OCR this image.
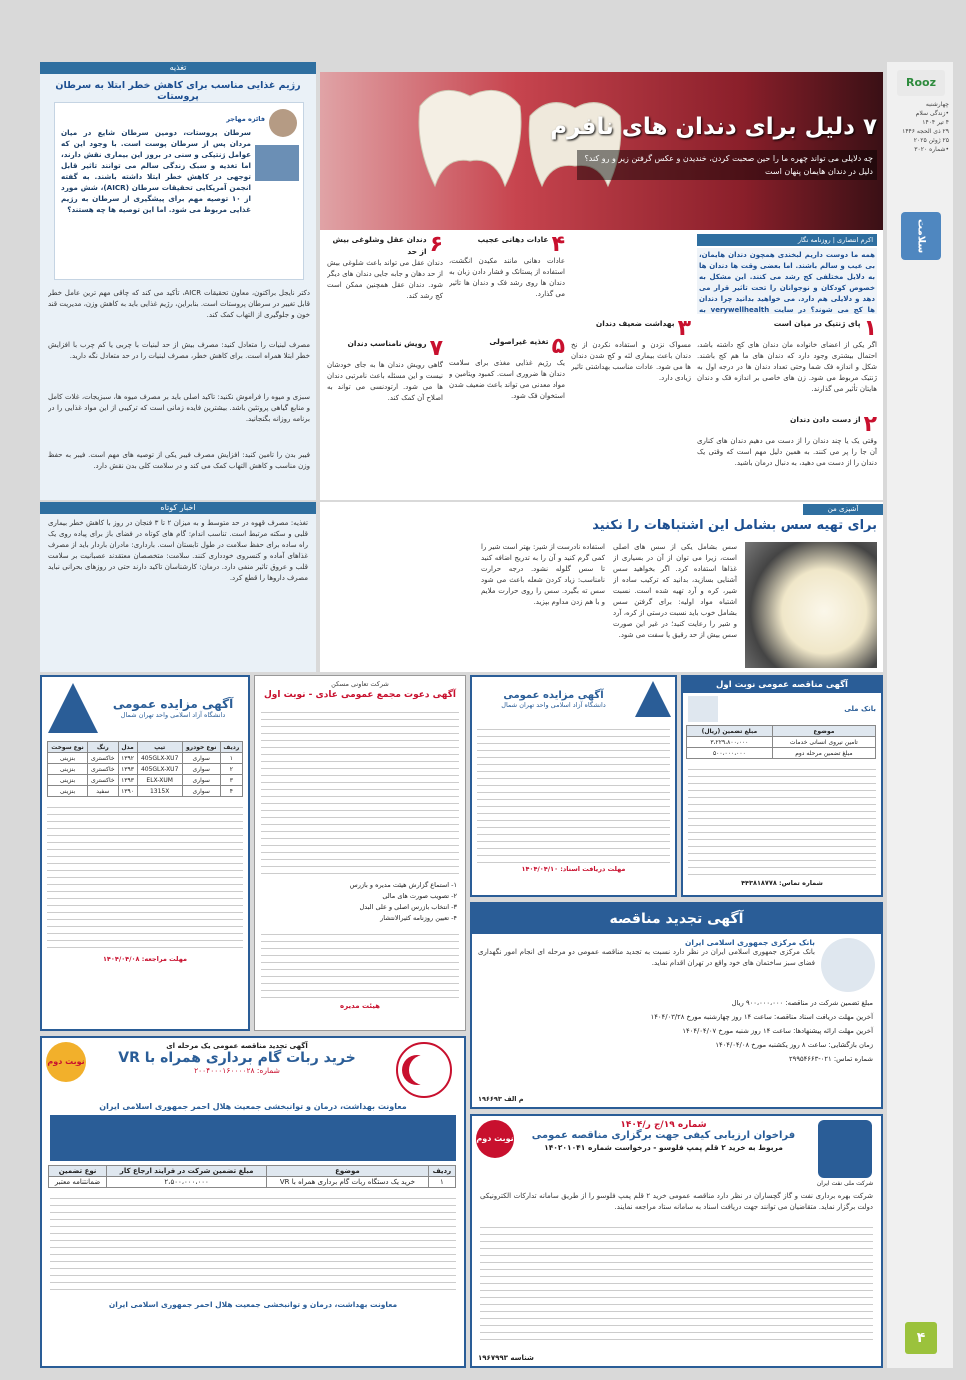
Rooz
چهارشنبه
•زندگی سلام
۴ تیر ۱۴۰۴
۲۹ ذی الحجه ۱۴۴۶
۲۵ ژوئن ۲۰۲۵
•شماره ۳۰۲۰
سلامت
۴
۷ دلیل برای دندان های نافرم
چه دلایلی می تواند چهره ما را حین صحبت کردن، خندیدن و عکس گرفتن زیر و رو کند؟ دلیل در دندان هایمان پنهان است
اکرم انتصاری | روزنامه نگار
همه ما دوست داریم لبخندی همچون دندان هایمان، بی عیب و سالم باشند. اما بعضی وقت ها دندان ها به دلایل مختلفی کج رشد می کنند. این مشکل به خصوص کودکان و نوجوانان را تحت تاثیر قرار می دهد و دلایلی هم دارد. می خواهید بدانید چرا دندان ها کج می شوند؟ در سایت verywellhealth به
۱
پای ژنتیک در میان است
اگر یکی از اعضای خانواده مان دندان های کج داشته باشد، احتمال بیشتری وجود دارد که دندان های ما هم کج باشند. شکل و اندازه فک شما وحتی تعداد دندان ها در درجه اول به ژنتیک مربوط می شود. زن های خاصی بر اندازه فک و دندان هایتان تأثیر می گذارند.
۲
از دست دادن دندان
وقتی یک یا چند دندان را از دست می دهیم دندان های کناری آن جا را پر می کنند. به همین دلیل مهم است که وقتی یک دندان را از دست می دهید، به دنبال درمان باشید.
۳
بهداشت ضعیف دندان
مسواک نزدن و استفاده نکردن از نخ دندان باعث بیماری لثه و کج شدن دندان ها می شود. عادات مناسب بهداشتی تاثیر زیادی دارد.
۴
عادات دهانی عجیب
عادات دهانی مانند مکیدن انگشت، استفاده از پستانک و فشار دادن زبان به دندان ها روی رشد فک و دندان ها تاثیر می گذارد.
۵
تغذیه غیراصولی
یک رژیم غذایی مغذی برای سلامت دندان ها ضروری است. کمبود ویتامین و مواد معدنی می تواند باعث ضعیف شدن استخوان فک شود.
۶
دندان عقل وشلوغی بیش از حد
دندان عقل می تواند باعث شلوغی بیش از حد دهان و جابه جایی دندان های دیگر شود. دندان عقل همچنین ممکن است کج رشد کند.
۷
رویش نامناسب دندان
گاهی رویش دندان ها به جای خودشان نیست و این مسئله باعث نامرتبی دندان ها می شود. ارتودنسی می تواند به اصلاح آن کمک کند.
تغذیه
رژیم غذایی مناسب برای کاهش خطر ابتلا به سرطان پروستات
فائزه مهاجر
سرطان پروستات، دومین سرطان شایع در میان مردان پس از سرطان پوست است. با وجود این که عوامل ژنتیکی و سنی در بروز این بیماری نقش دارند، اما تغذیه و سبک زندگی سالم می توانند تاثیر قابل توجهی در کاهش خطر ابتلا داشته باشند. به گفته انجمن آمریکایی تحقیقات سرطان (AICR)، شش مورد از ۱۰ توصیه مهم برای پیشگیری از سرطان به رژیم غذایی مربوط می شود. اما این توصیه ها چه هستند؟
دکتر نایجل براکتون، معاون تحقیقات AICR، تأکید می کند که چاقی مهم ترین عامل خطر قابل تغییر در سرطان پروستات است. بنابراین، رژیم غذایی باید به کاهش وزن، مدیریت قند خون و جلوگیری از التهاب کمک کند.
مصرف لبنیات را متعادل کنید: مصرف بیش از حد لبنیات با چربی یا کم چرب با افزایش خطر ابتلا همراه است. برای کاهش خطر، مصرف لبنیات را در حد متعادل نگه دارید.
سبزی و میوه را فراموش نکنید: تاکید اصلی باید بر مصرف میوه ها، سبزیجات، غلات کامل و منابع گیاهی پروتئین باشد. بیشترین فایده زمانی است که ترکیبی از این مواد غذایی را در برنامه روزانه بگنجانید.
فیبر بدن را تامین کنید: افزایش مصرف فیبر یکی از توصیه های مهم است. فیبر به حفظ وزن مناسب و کاهش التهاب کمک می کند و در سلامت کلی بدن نقش دارد.
آشپزی من
برای تهیه سس بشامل این اشتباهات را نکنید
سس بشامل یکی از سس های اصلی است، زیرا می توان از آن در بسیاری از غذاها استفاده کرد. اگر بخواهید سس آشنایی بسازید، بدانید که ترکیب ساده از شیر، کره و آرد تهیه شده است. نسبت اشتباه مواد اولیه: برای گرفتن سس بشامل خوب باید نسبت درستی از کره، آرد و شیر را رعایت کنید؛ در غیر این صورت سس بیش از حد رقیق یا سفت می شود.
استفاده نادرست از شیر: بهتر است شیر را کمی گرم کنید و آن را به تدریج اضافه کنید تا سس گلوله نشود. درجه حرارت نامناسب: زیاد کردن شعله باعث می شود سس ته بگیرد. سس را روی حرارت ملایم و با هم زدن مداوم بپزید.
اخبار کوتاه
تغذیه: مصرف قهوه در حد متوسط و به میزان ۲ تا ۳ فنجان در روز با کاهش خطر بیماری قلبی و سکته مرتبط است. تناسب اندام: گام های کوتاه در فضای باز برای پیاده روی یک راه ساده برای حفظ سلامت در طول تابستان است. بارداری: مادران باردار باید از مصرف غذاهای آماده و کنسروی خودداری کنند. سلامت: متخصصان معتقدند عصبانیت بر سلامت قلب و عروق تاثیر منفی دارد. درمان: کارشناسان تاکید دارند حتی در روزهای بحرانی نباید مصرف داروها را قطع کرد.
آگهی مناقصه عمومی نوبت اول
بانک ملی
موضوع	مبلغ تضمین (ریال)
تامین نیروی انسانی خدمات	۳،۲۲۹،۸۰۰،۰۰۰
مبلغ تضمین مرحله دوم	۵۰۰،۰۰۰،۰۰۰
شماره تماس: ۴۴۳۸۱۸۷۷۸
آگهی مزایده عمومی
دانشگاه آزاد اسلامی واحد تهران شمال
مهلت دریافت اسناد: ۱۴۰۴/۰۴/۱۰
شرکت تعاونی مسکن
آگهی دعوت مجمع عمومی عادی - نوبت اول
۱- استماع گزارش هیئت مدیره و بازرس
۲- تصویب صورت های مالی
۳- انتخاب بازرس اصلی و علی البدل
۴- تعیین روزنامه کثیرالانتشار
هیئت مدیره
آگهی مزایده عمومی
دانشگاه آزاد اسلامی واحد تهران شمال
ردیف	نوع خودرو	تیپ	مدل	رنگ	نوع سوخت
۱	سواری	405GLX-XU7	۱۳۹۲	خاکستری	بنزینی
۲	سواری	405GLX-XU7	۱۳۹۳	خاکستری	بنزینی
۳	سواری	ELX-XUM	۱۳۹۳	خاکستری	بنزینی
۴	سواری	1315X	۱۳۹۰	سفید	بنزینی
مهلت مراجعه: ۱۴۰۴/۰۴/۰۸
آگهی تجدید مناقصه
بانک مرکزی جمهوری اسلامی ایران
بانک مرکزی جمهوری اسلامی ایران در نظر دارد نسبت به تجدید مناقصه عمومی دو مرحله ای انجام امور نگهداری فضای سبز ساختمان های خود واقع در تهران اقدام نماید.
مبلغ تضمین شرکت در مناقصه: ۹۰۰،۰۰۰،۰۰۰ ریال
آخرین مهلت دریافت اسناد مناقصه: ساعت ۱۴ روز چهارشنبه مورخ ۱۴۰۴/۰۳/۲۸
آخرین مهلت ارائه پیشنهادها: ساعت ۱۴ روز شنبه مورخ ۱۴۰۴/۰۴/۰۷
زمان بازگشایی: ساعت ۸ روز یکشنبه مورخ ۱۴۰۴/۰۴/۰۸
شماره تماس: ۰۲۱-۲۹۹۵۴۶۶۳
م الف ۱۹۶۶۹۳
شرکت ملی نفت ایران
شماره ۱۹/ج ر/۱۴۰۴
فراخوان ارزیابی کیفی جهت برگزاری مناقصه عمومی
مربوط به خرید ۲ قلم پمپ فلوسو - درخواست شماره ۱۴۰۲۰۱۰۴۱
نوبت دوم
شرکت بهره برداری نفت و گاز گچساران در نظر دارد مناقصه عمومی خرید ۲ قلم پمپ فلوسو را از طریق سامانه تدارکات الکترونیکی دولت برگزار نماید. متقاضیان می توانند جهت دریافت اسناد به سامانه ستاد مراجعه نمایند.
شناسه ۱۹۶۷۹۹۳
آگهی تجدید مناقصه عمومی یک مرحله ای
خرید ربات گام برداری همراه با VR
شماره: ۲۰۰۴۰۰۰۱۶۰۰۰۰۲۸
نوبت دوم
معاونت بهداشت، درمان و توانبخشی جمعیت هلال احمر جمهوری اسلامی ایران
ردیف	موضوع	مبلغ تضمین شرکت در فرایند ارجاع کار	نوع تضمین
۱	خرید یک دستگاه ربات گام برداری همراه با VR	۲،۵۰۰،۰۰۰،۰۰۰	ضمانتنامه معتبر
معاونت بهداشت، درمان و توانبخشی جمعیت هلال احمر جمهوری اسلامی ایران
